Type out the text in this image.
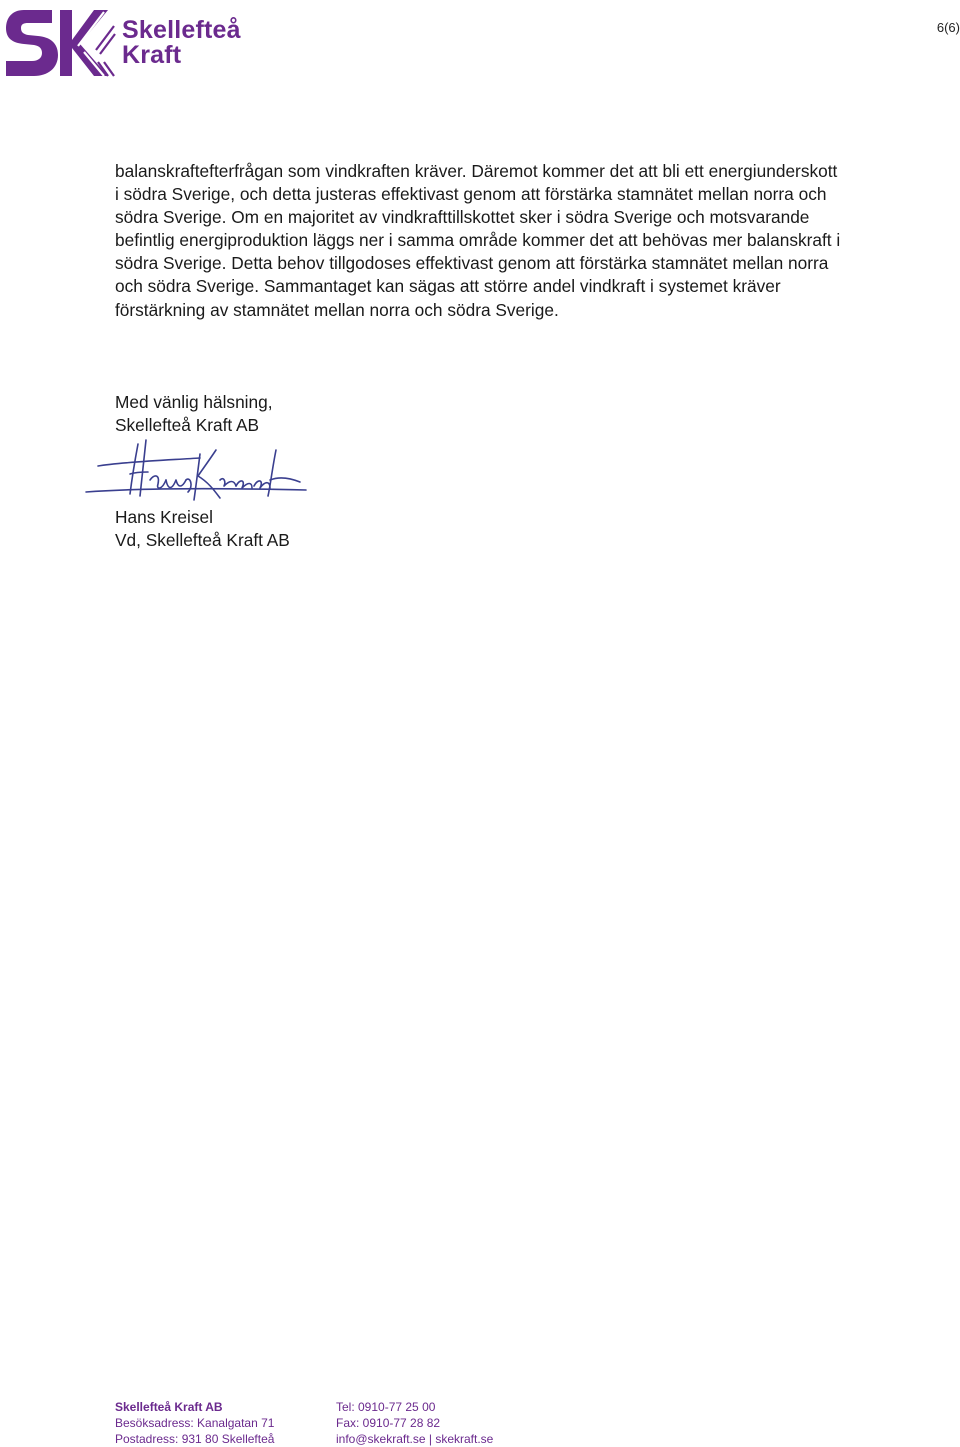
Skellefteå
Kraft
6(6)

balanskraftefterfrågan som vindkraften kräver. Däremot kommer det att bli ett energiunderskott i södra Sverige, och detta justeras effektivast genom att förstärka stamnätet mellan norra och södra Sverige. Om en majoritet av vindkrafttillskottet sker i södra Sverige och motsvarande befintlig energiproduktion läggs ner i samma område kommer det att behövas mer balanskraft i södra Sverige. Detta behov tillgodoses effektivast genom att förstärka stamnätet mellan norra och södra Sverige. Sammantaget kan sägas att större andel vindkraft i systemet kräver förstärkning av stamnätet mellan norra och södra Sverige.

Med vänlig hälsning,
Skellefteå Kraft AB
Hans Kreisel
Vd, Skellefteå Kraft AB
Skellefteå Kraft AB
Besöksadress: Kanalgatan 71
Postadress: 931 80 Skellefteå
Tel: 0910-77 25 00
Fax: 0910-77 28 82
info@skekraft.se | skekraft.se
